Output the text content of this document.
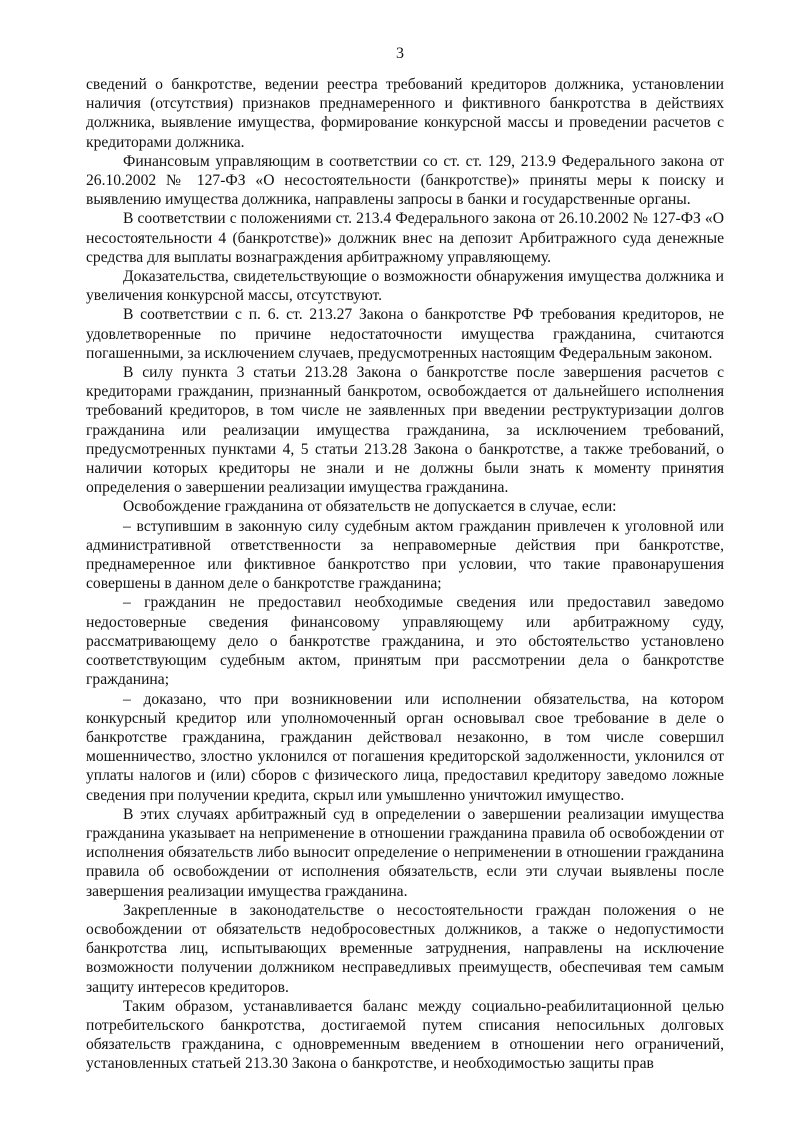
3

сведений о банкротстве, ведении реестра требований кредиторов должника, установлении наличия (отсутствия) признаков преднамеренного и фиктивного банкротства в действиях должника, выявление имущества, формирование конкурсной массы и проведении расчетов с кредиторами должника.

Финансовым управляющим в соответствии со ст. ст. 129, 213.9 Федерального закона от 26.10.2002 № 127-ФЗ «О несостоятельности (банкротстве)» приняты меры к поиску и выявлению имущества должника, направлены запросы в банки и государственные органы.

В соответствии с положениями ст. 213.4 Федерального закона от 26.10.2002 № 127-ФЗ «О несостоятельности 4 (банкротстве)» должник внес на депозит Арбитражного суда денежные средства для выплаты вознаграждения арбитражному управляющему.

Доказательства, свидетельствующие о возможности обнаружения имущества должника и увеличения конкурсной массы, отсутствуют.

В соответствии с п. 6. ст. 213.27 Закона о банкротстве РФ требования кредиторов, не удовлетворенные по причине недостаточности имущества гражданина, считаются погашенными, за исключением случаев, предусмотренных настоящим Федеральным законом.

В силу пункта 3 статьи 213.28 Закона о банкротстве после завершения расчетов с кредиторами гражданин, признанный банкротом, освобождается от дальнейшего исполнения требований кредиторов, в том числе не заявленных при введении реструктуризации долгов гражданина или реализации имущества гражданина, за исключением требований, предусмотренных пунктами 4, 5 статьи 213.28 Закона о банкротстве, а также требований, о наличии которых кредиторы не знали и не должны были знать к моменту принятия определения о завершении реализации имущества гражданина.

Освобождение гражданина от обязательств не допускается в случае, если:

‒ вступившим в законную силу судебным актом гражданин привлечен к уголовной или административной ответственности за неправомерные действия при банкротстве, преднамеренное или фиктивное банкротство при условии, что такие правонарушения совершены в данном деле о банкротстве гражданина;

‒ гражданин не предоставил необходимые сведения или предоставил заведомо недостоверные сведения финансовому управляющему или арбитражному суду, рассматривающему дело о банкротстве гражданина, и это обстоятельство установлено соответствующим судебным актом, принятым при рассмотрении дела о банкротстве гражданина;

‒ доказано, что при возникновении или исполнении обязательства, на котором конкурсный кредитор или уполномоченный орган основывал свое требование в деле о банкротстве гражданина, гражданин действовал незаконно, в том числе совершил мошенничество, злостно уклонился от погашения кредиторской задолженности, уклонился от уплаты налогов и (или) сборов с физического лица, предоставил кредитору заведомо ложные сведения при получении кредита, скрыл или умышленно уничтожил имущество.

В этих случаях арбитражный суд в определении о завершении реализации имущества гражданина указывает на неприменение в отношении гражданина правила об освобождении от исполнения обязательств либо выносит определение о неприменении в отношении гражданина правила об освобождении от исполнения обязательств, если эти случаи выявлены после завершения реализации имущества гражданина.

Закрепленные в законодательстве о несостоятельности граждан положения о не освобождении от обязательств недобросовестных должников, а также о недопустимости банкротства лиц, испытывающих временные затруднения, направлены на исключение возможности получении должником несправедливых преимуществ, обеспечивая тем самым защиту интересов кредиторов.

Таким образом, устанавливается баланс между социально-реабилитационной целью потребительского банкротства, достигаемой путем списания непосильных долговых обязательств гражданина, с одновременным введением в отношении него ограничений, установленных статьей 213.30 Закона о банкротстве, и необходимостью защиты прав
